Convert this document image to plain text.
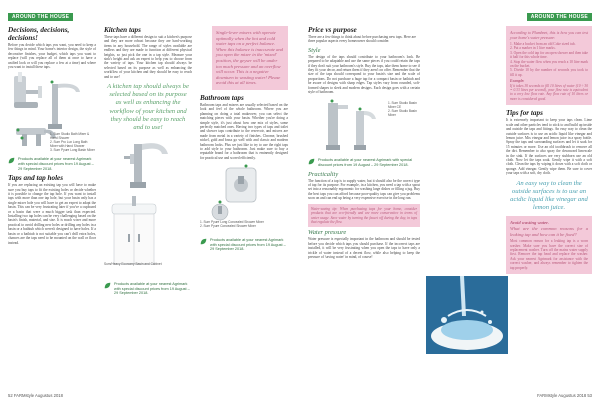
AROUND THE HOUSE
Decisions, decisions, decisions!

Before you decide which taps you want, you need to keep a few things in mind. Your home's interior design, the style of decorative finishes, your budget, which taps you want to replace (will you replace all of them at once to have a unified look or will you replace a few at a time) and where you want to install these taps.

1. Sum Studio Bath Mixer & Hand Shower
2. Sum Pro Lux Long Bath Mixer with Hand Shower
3. Sum Pyure Long Basin Mixer
Products available at your nearest Agrimark with special discount prices from 19 August – 29 September 2018.
Taps and tap holes

If you are replacing an existing tap you will have to make sure you buy taps to fit the existing holes or decide whether it is possible to change the tap hole. If you want to install taps with more than one tap hole, but your basin only has a single mixer hole you will have to get an expert to adapt the basin. This can be very frustrating later if you've a cupboard or a basin that were a much bigger task than expected. Installing two tap holes can be very challenging based on the basin's finish, material, and size. It is much wiser and more practical to avoid drilling new holes or drilling any holes in a basin or a bathtub which weren't designed to have holes. If a basin or a bathtub is not suitable you can't drill extra holes, chances are the taps need to be mounted on the wall or floor instead.

Kitchen taps

These taps have a different design to suit a kitchen's purpose and they are more robust because they are hard-working items in any household. The range of styles available are endless and they are made to function at different physical heights, so just pick the one in a tap style. Measure your sink's height and ask an expert to help you to choose from the variety of taps. Your kitchen tap should always be selected based on its purpose as well as enhancing the workflow of your kitchen and they should be easy to reach and to use!

A kitchen tap should always be selected based on its purpose as well as enhancing the workflow of your kitchen and they should be easy to reach and to use!

Sum/Heavy Economy Basin and Cabinet
Products available at your nearest Agrimark with special discount prices from 19 August – 29 September 2018.

Single-lever mixers with operate optimally when the hot and cold water taps on a perfect balance. When this balance is inaccurate and you open the mixer in the 'mixed' position, the geyser will be under too much pressure and an overflow will occur. This is a negative downturn to wasting water! Please avoid this at all times.

Bathroom taps

Bathroom taps and mixers are usually selected based on the look and feel of the whole bathroom. Where you are planning on doing a total makeover, you can select the matching pieces with your basin. Whether you're doing a simple style, it's just about how one mix of styles, some perfectly matched ones. Having two types of taps and toilet and shower taps contribute to the reservoir, and mixers are made from metal in a variety of finishes. Chrome, brushed nickel, gold and brass go well with and classic and modern bathroom looks. Plus we just like to try to use the right taps to add style to your bathroom. Just make sure to buy a reputable brand for a bathroom that is eminently designed for practical use and scored efficiently.

1. Sum Pyure Long Concealed Shower Mixer
2. Sum Pyure Concealed Shower Mixer
Products available at your nearest Agrimark with special discount prices from 19 August – 29 September 2018.
52 FARMstyle Augustus 2018
AROUND THE HOUSE
Price vs purpose

There are a few things to think about before purchasing new taps. Here are three popular aspects every homeowner should consider.

Style

The design of the taps should contribute to your bathroom's look. Be prepared to be adaptable and use the same pieces if you could retain the taps if they don't suit your bathroom's style. Buy the taps, take them home to see if they fit your decor, and return them if they aren't on offer. Remember that the size of the taps should correspond to your basin's size and the scale of proportions. Do not purchase a huge tap for a compact basin or bathtub and be aware of designs with sharp edges. Tap styles vary from rounded, soft-formed shapes to sleek and modern designs. Each design goes with a certain style of bathroom.

1. Sum Studio Basin Mixer CE
2. Sum Studio Basin Mixer
Products available at your nearest Agrimark with special discount prices from 19 August – 29 September 2018.
Practicality

The function of a tap is to supply water, but it should also be the correct type of tap for its purpose. For example, in a kitchen, you need a tap with a spout set into a reasonably ergonomic for washing large dishes or filling a jug. Buy the best taps you can afford because poor-quality taps can give you problems soon on and can end up being a very expensive exercise in the long run.

Water-saving tip: When purchasing taps for your home, consider products that are eco-friendly and are more conservative in terms of water usage. Save water by turning the faucet off during the day, in taps that regulate the flow.

Water pressure

Water pressure is especially important in the bathroom and should be tested before you decide which taps you should purchase. If the incorrect taps are installed, it will be very frustrating when you open the taps to have only a trickle of water instead of a decent flow, while also helping to keep the pressure of 'saving water' in mind, of course!

According to Plumbnet, this is how you can test your home's water pressure:

1. Make a bucket from an old Coke sized tub.
2. Put a marker in 1 litre marks.
3. Open the cold tap for an open shower and then take it half for this whole time.
4. Stop the water flow when you reach a 10 litre mark on the bucket.
5. Divide 10 by the number of seconds you took to fill it up.
Example:

If it takes 30 seconds to fill 10 litres of water (10 ÷ 30 = 0.33 litres per second), your flow rate is equivalent to a very low flow rate. Any flow rate of 10 litres or more is considered good.

Tips for taps

It is extremely important to keep your taps clean. Lime scale and other particles tend to stick to and build up inside and outside the taps and fittings. An easy way to clean the outside surfaces is to use an acidic liquid like vinegar and lemon juice. Mix vinegar and lemon juice in a spray bottle. Spray the taps and surrounding surfaces and let it soak for 15 minutes or more. Use an old toothbrush to remove all the dirt. Remember to also spray the downward limescale in the sink. If the surfaces are very stubborn use an old cloth. Now let the taps soak. Gently wipe it with a soft cloth. Clean the taps by wiping it down with a soft cloth or sponge. Add vinegar. Gently wipe them. Be sure to cover your taps with a soft, dry cloth.

An easy way to clean the outside surfaces is to use an acidic liquid like vinegar and lemon juice.

Avoid wasting water.
What are the common reasons for a leaking tap and how can it be fixed?

Most common reason for a leaking tap is a worn washer. Make sure you have the correct size of replacement washer. Turn off the mains water supply first. Remove the tap head and replace the washer. Ask your nearest Agrimark for assistance with the correct washer, and always remember to tighten the tap properly.

FARMstyle Augustus 2018 53
